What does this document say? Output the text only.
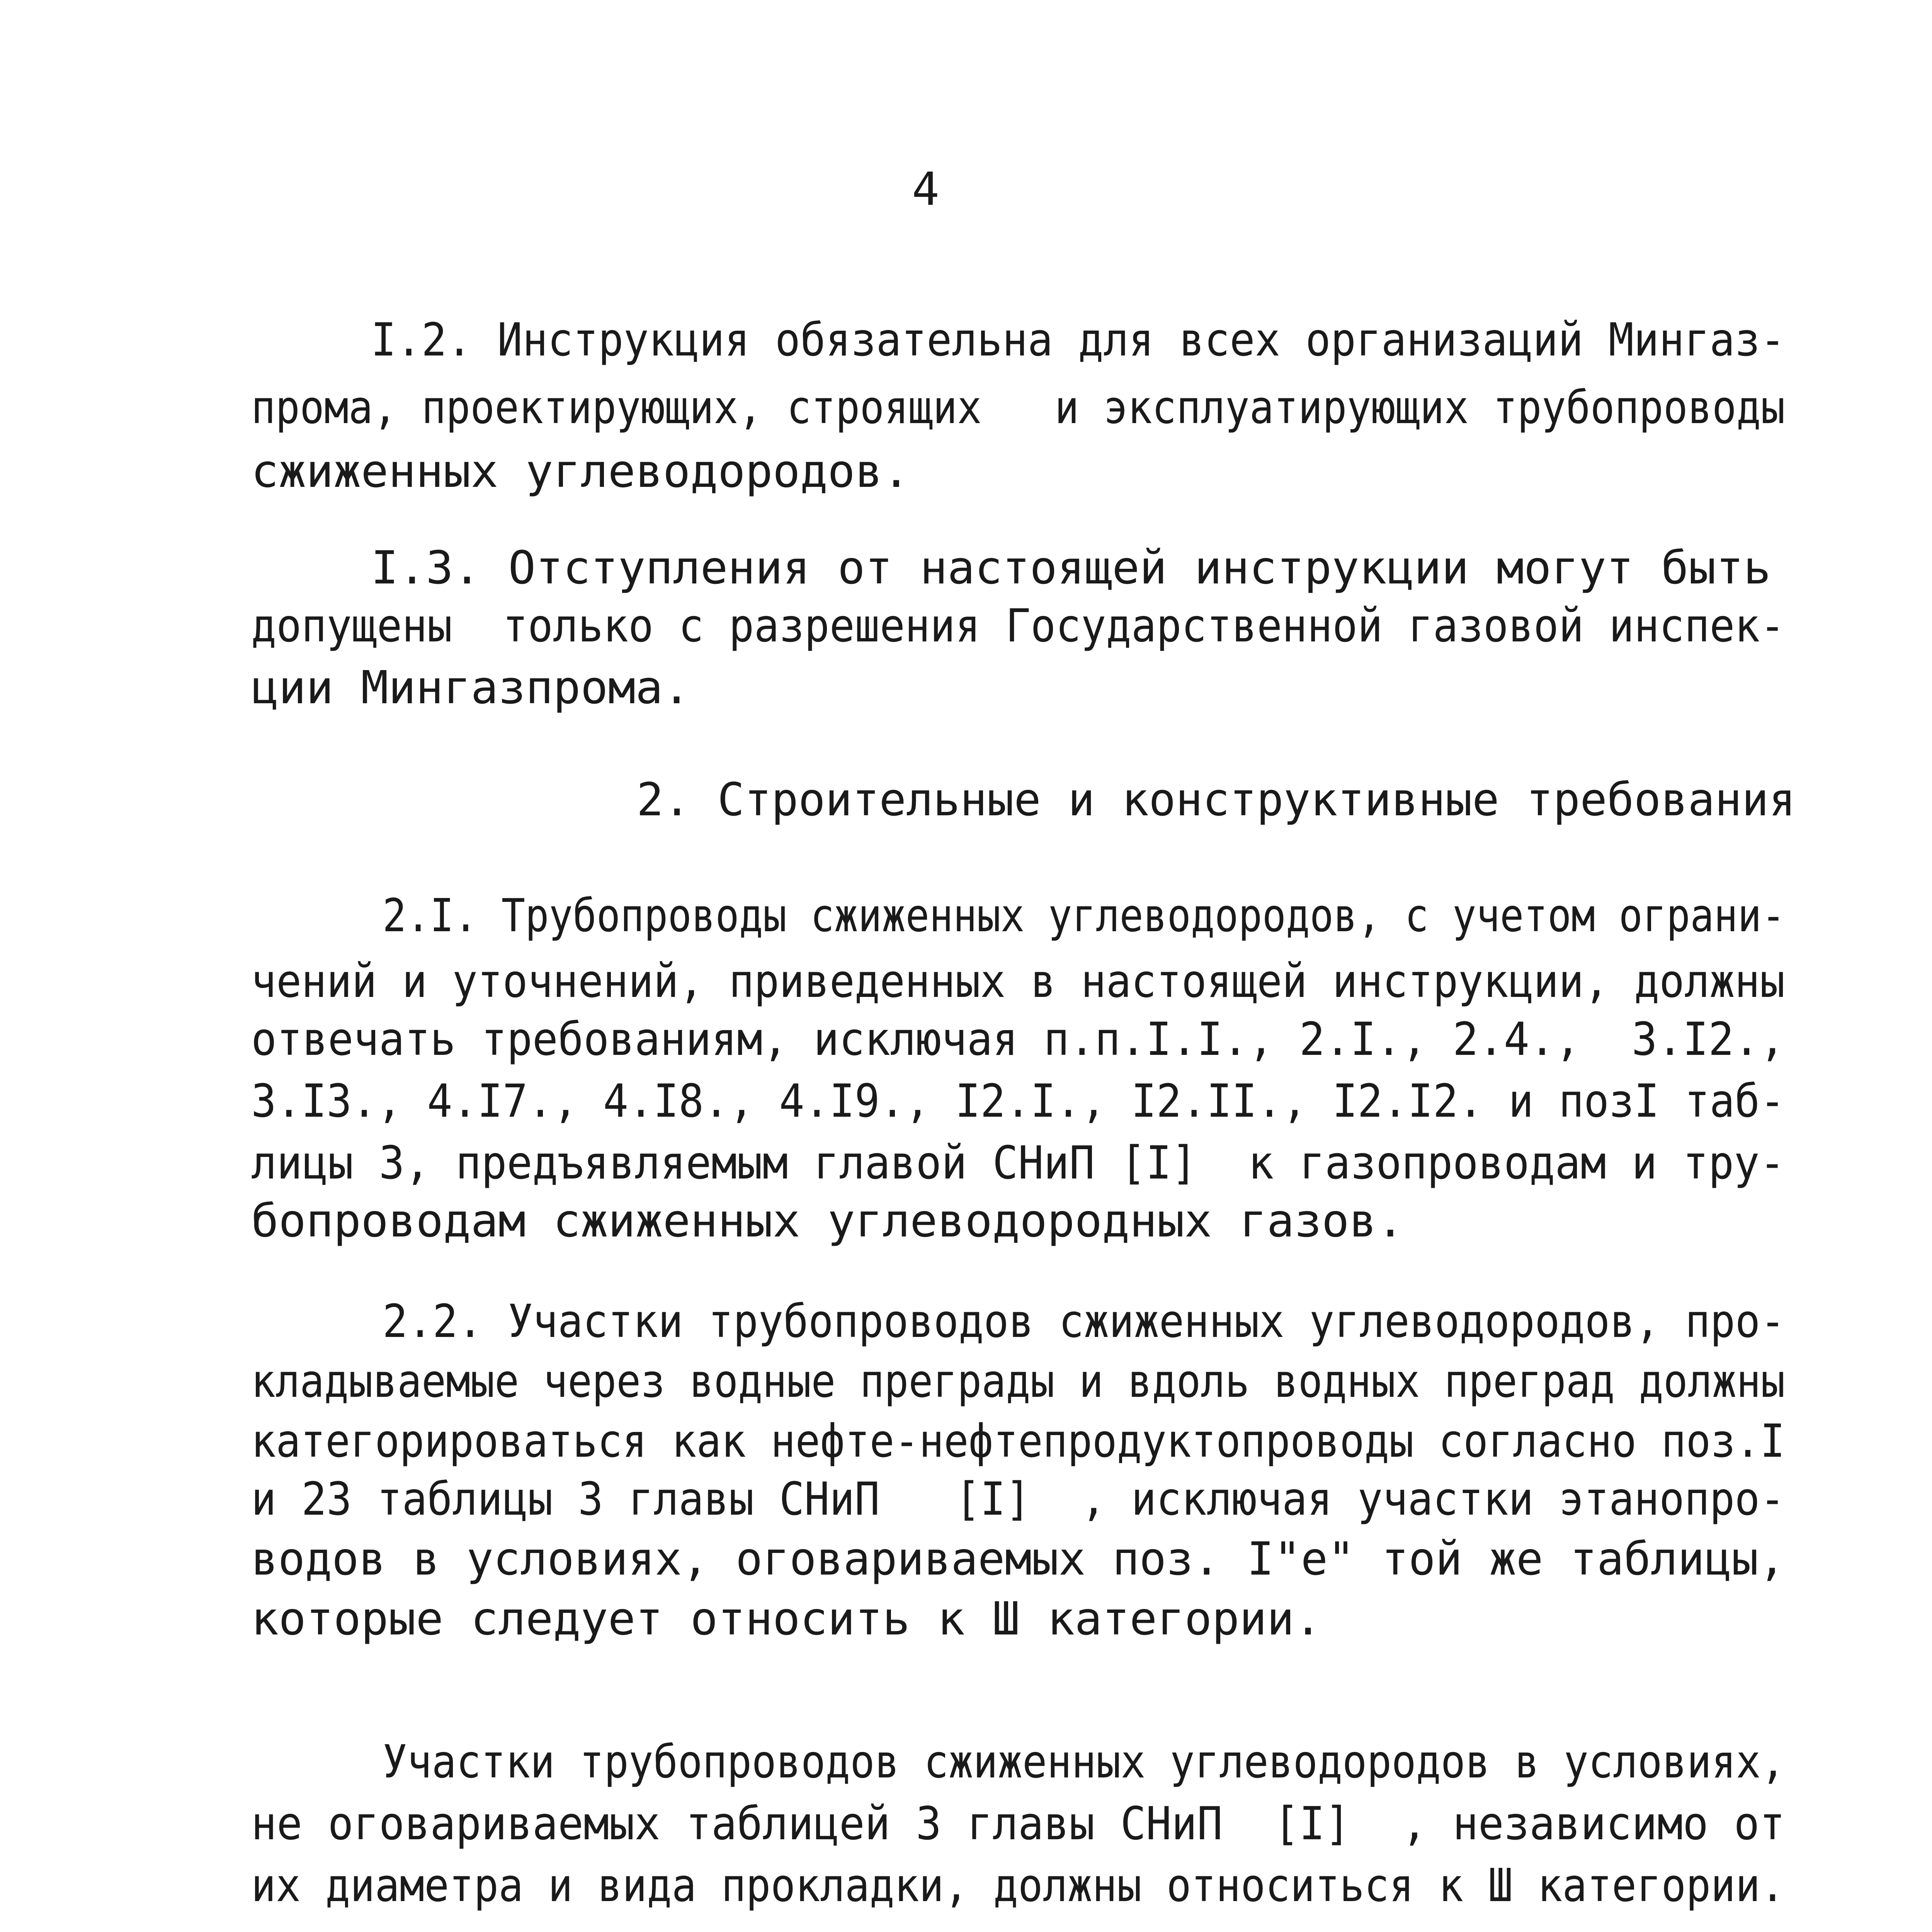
4
I.2. Инструкция обязательна для всех организаций Мингаз-
прома, проектирующих, строящих   и эксплуатирующих трубопроводы
сжиженных углеводородов.
I.3. Отступления от настоящей инструкции могут быть
допущены  только с разрешения Государственной газовой инспек-
ции Мингазпрома.
2. Строительные и конструктивные требования
2.I. Трубопроводы сжиженных углеводородов, с учетом ограни-
чений и уточнений, приведенных в настоящей инструкции, должны
отвечать требованиям, исключая п.п.I.I., 2.I., 2.4.,  3.I2.,
3.I3., 4.I7., 4.I8., 4.I9., I2.I., I2.II., I2.I2. и позI таб-
лицы 3, предъявляемым главой СНиП [I]  к газопроводам и тру-
бопроводам сжиженных углеводородных газов.
2.2. Участки трубопроводов сжиженных углеводородов, про-
кладываемые через водные преграды и вдоль водных преград должны
категорироваться как нефте-нефтепродуктопроводы согласно поз.I
и 23 таблицы 3 главы СНиП   [I]  , исключая участки этанопро-
водов в условиях, оговариваемых поз. I"е" той же таблицы,
которые следует относить к Ш категории.
Участки трубопроводов сжиженных углеводородов в условиях,
не оговариваемых таблицей 3 главы СНиП  [I]  , независимо от
их диаметра и вида прокладки, должны относиться к Ш категории.
